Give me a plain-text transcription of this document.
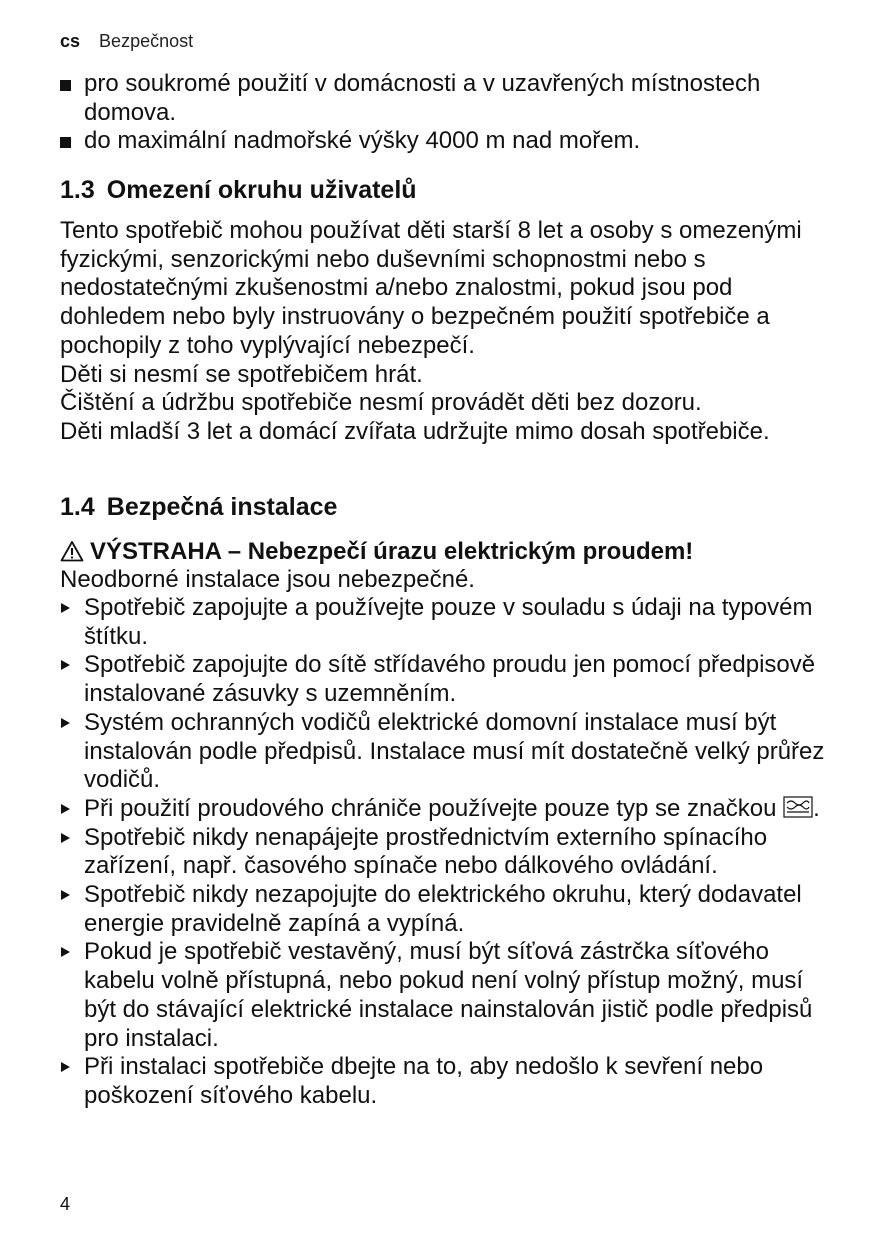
cs Bezpečnost
pro soukromé použití v domácnosti a v uzavřených místnostech domova.
do maximální nadmořské výšky 4000 m nad mořem.
1.3 Omezení okruhu uživatelů
Tento spotřebič mohou používat děti starší 8 let a osoby s omezenými fyzickými, senzorickými nebo duševními schopnostmi nebo s nedostatečnými zkušenostmi a/nebo znalostmi, pokud jsou pod dohledem nebo byly instruovány o bezpečném použití spotřebiče a pochopily z toho vyplývající nebezpečí.
Děti si nesmí se spotřebičem hrát.
Čištění a údržbu spotřebiče nesmí provádět děti bez dozoru.
Děti mladší 3 let a domácí zvířata udržujte mimo dosah spotřebiče.
1.4 Bezpečná instalace
VÝSTRAHA – Nebezpečí úrazu elektrickým proudem!
Neodborné instalace jsou nebezpečné.
Spotřebič zapojujte a používejte pouze v souladu s údaji na typovém štítku.
Spotřebič zapojujte do sítě střídavého proudu jen pomocí předpisově instalované zásuvky s uzemněním.
Systém ochranných vodičů elektrické domovní instalace musí být instalován podle předpisů. Instalace musí mít dostatečně velký průřez vodičů.
Při použití proudového chrániče používejte pouze typ se značkou .
Spotřebič nikdy nenapájejte prostřednictvím externího spínacího zařízení, např. časového spínače nebo dálkového ovládání.
Spotřebič nikdy nezapojujte do elektrického okruhu, který dodavatel energie pravidelně zapíná a vypíná.
Pokud je spotřebič vestavěný, musí být síťová zástrčka síťového kabelu volně přístupná, nebo pokud není volný přístup možný, musí být do stávající elektrické instalace nainstalován jistič podle předpisů pro instalaci.
Při instalaci spotřebiče dbejte na to, aby nedošlo k sevření nebo poškození síťového kabelu.
4
